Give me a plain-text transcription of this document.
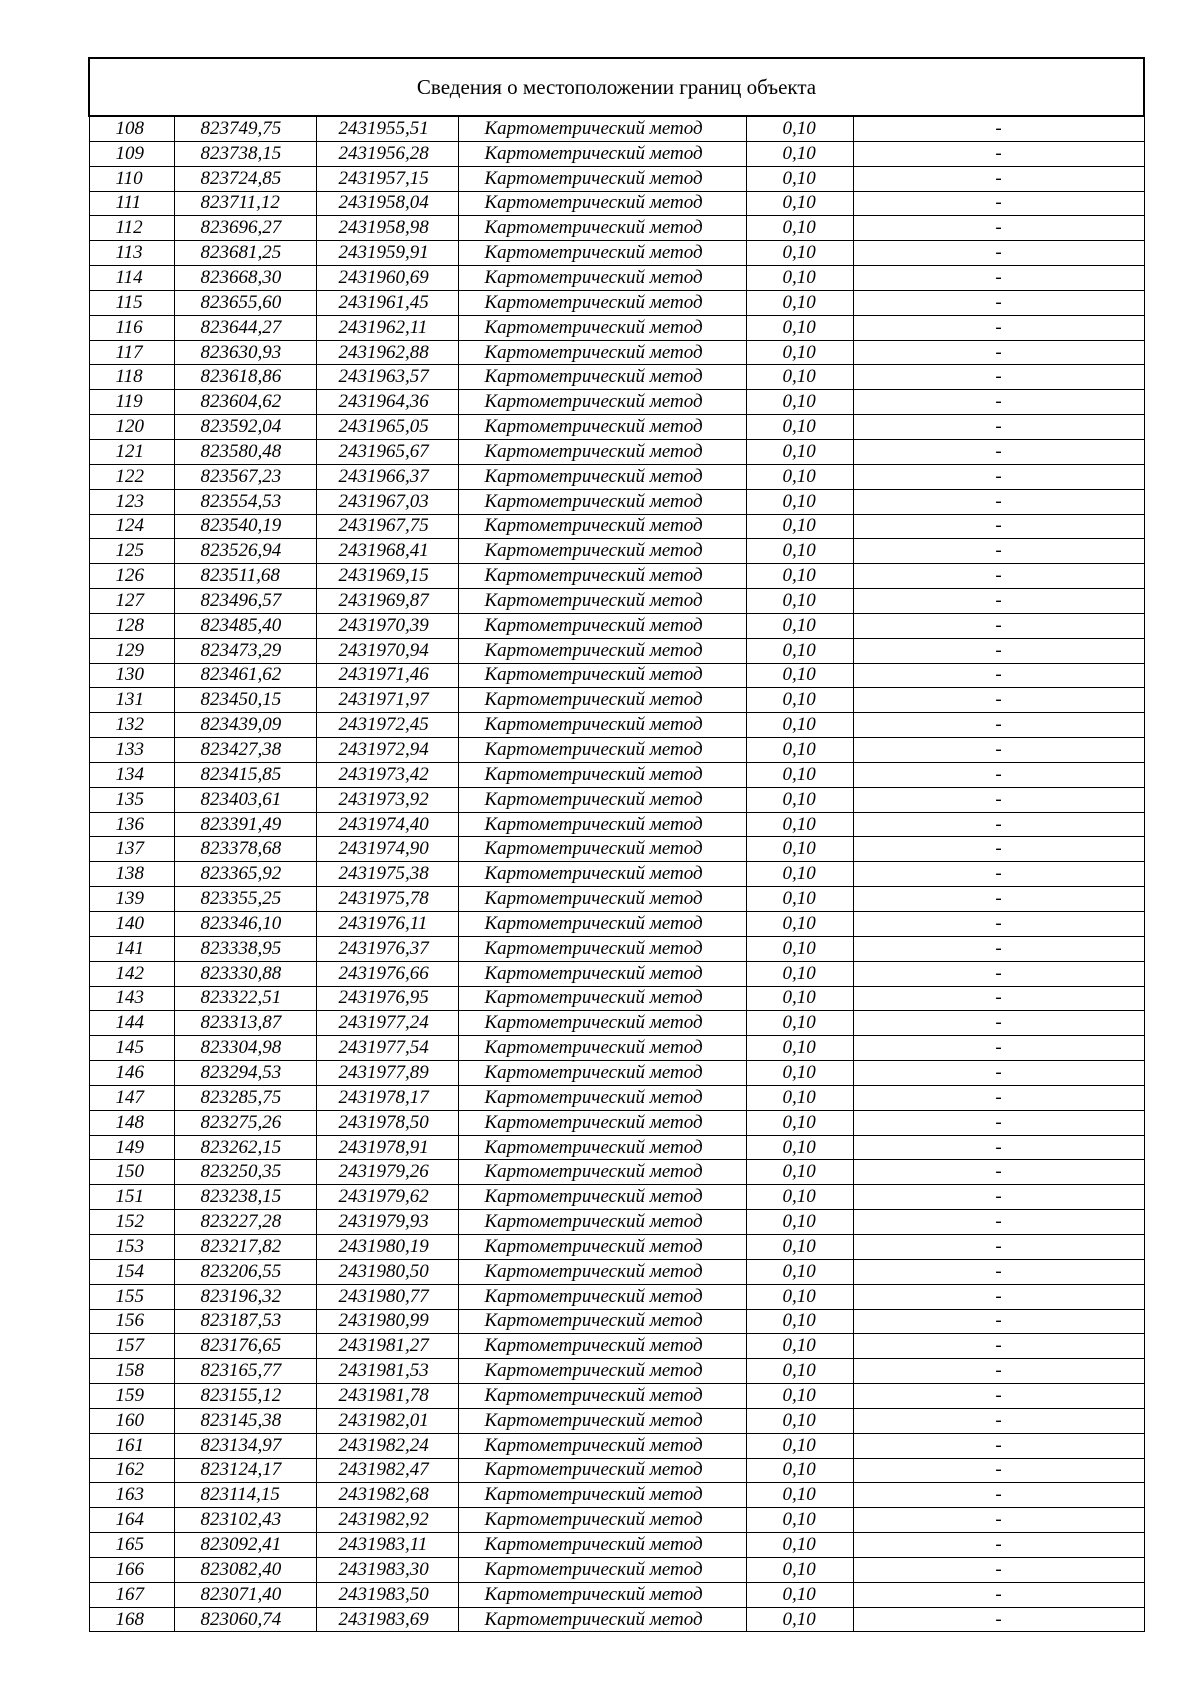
Сведения о местоположении границ объекта					
108	823749,75	2431955,51	Картометрический метод	0,10	-
109	823738,15	2431956,28	Картометрический метод	0,10	-
110	823724,85	2431957,15	Картометрический метод	0,10	-
111	823711,12	2431958,04	Картометрический метод	0,10	-
112	823696,27	2431958,98	Картометрический метод	0,10	-
113	823681,25	2431959,91	Картометрический метод	0,10	-
114	823668,30	2431960,69	Картометрический метод	0,10	-
115	823655,60	2431961,45	Картометрический метод	0,10	-
116	823644,27	2431962,11	Картометрический метод	0,10	-
117	823630,93	2431962,88	Картометрический метод	0,10	-
118	823618,86	2431963,57	Картометрический метод	0,10	-
119	823604,62	2431964,36	Картометрический метод	0,10	-
120	823592,04	2431965,05	Картометрический метод	0,10	-
121	823580,48	2431965,67	Картометрический метод	0,10	-
122	823567,23	2431966,37	Картометрический метод	0,10	-
123	823554,53	2431967,03	Картометрический метод	0,10	-
124	823540,19	2431967,75	Картометрический метод	0,10	-
125	823526,94	2431968,41	Картометрический метод	0,10	-
126	823511,68	2431969,15	Картометрический метод	0,10	-
127	823496,57	2431969,87	Картометрический метод	0,10	-
128	823485,40	2431970,39	Картометрический метод	0,10	-
129	823473,29	2431970,94	Картометрический метод	0,10	-
130	823461,62	2431971,46	Картометрический метод	0,10	-
131	823450,15	2431971,97	Картометрический метод	0,10	-
132	823439,09	2431972,45	Картометрический метод	0,10	-
133	823427,38	2431972,94	Картометрический метод	0,10	-
134	823415,85	2431973,42	Картометрический метод	0,10	-
135	823403,61	2431973,92	Картометрический метод	0,10	-
136	823391,49	2431974,40	Картометрический метод	0,10	-
137	823378,68	2431974,90	Картометрический метод	0,10	-
138	823365,92	2431975,38	Картометрический метод	0,10	-
139	823355,25	2431975,78	Картометрический метод	0,10	-
140	823346,10	2431976,11	Картометрический метод	0,10	-
141	823338,95	2431976,37	Картометрический метод	0,10	-
142	823330,88	2431976,66	Картометрический метод	0,10	-
143	823322,51	2431976,95	Картометрический метод	0,10	-
144	823313,87	2431977,24	Картометрический метод	0,10	-
145	823304,98	2431977,54	Картометрический метод	0,10	-
146	823294,53	2431977,89	Картометрический метод	0,10	-
147	823285,75	2431978,17	Картометрический метод	0,10	-
148	823275,26	2431978,50	Картометрический метод	0,10	-
149	823262,15	2431978,91	Картометрический метод	0,10	-
150	823250,35	2431979,26	Картометрический метод	0,10	-
151	823238,15	2431979,62	Картометрический метод	0,10	-
152	823227,28	2431979,93	Картометрический метод	0,10	-
153	823217,82	2431980,19	Картометрический метод	0,10	-
154	823206,55	2431980,50	Картометрический метод	0,10	-
155	823196,32	2431980,77	Картометрический метод	0,10	-
156	823187,53	2431980,99	Картометрический метод	0,10	-
157	823176,65	2431981,27	Картометрический метод	0,10	-
158	823165,77	2431981,53	Картометрический метод	0,10	-
159	823155,12	2431981,78	Картометрический метод	0,10	-
160	823145,38	2431982,01	Картометрический метод	0,10	-
161	823134,97	2431982,24	Картометрический метод	0,10	-
162	823124,17	2431982,47	Картометрический метод	0,10	-
163	823114,15	2431982,68	Картометрический метод	0,10	-
164	823102,43	2431982,92	Картометрический метод	0,10	-
165	823092,41	2431983,11	Картометрический метод	0,10	-
166	823082,40	2431983,30	Картометрический метод	0,10	-
167	823071,40	2431983,50	Картометрический метод	0,10	-
168	823060,74	2431983,69	Картометрический метод	0,10	-
